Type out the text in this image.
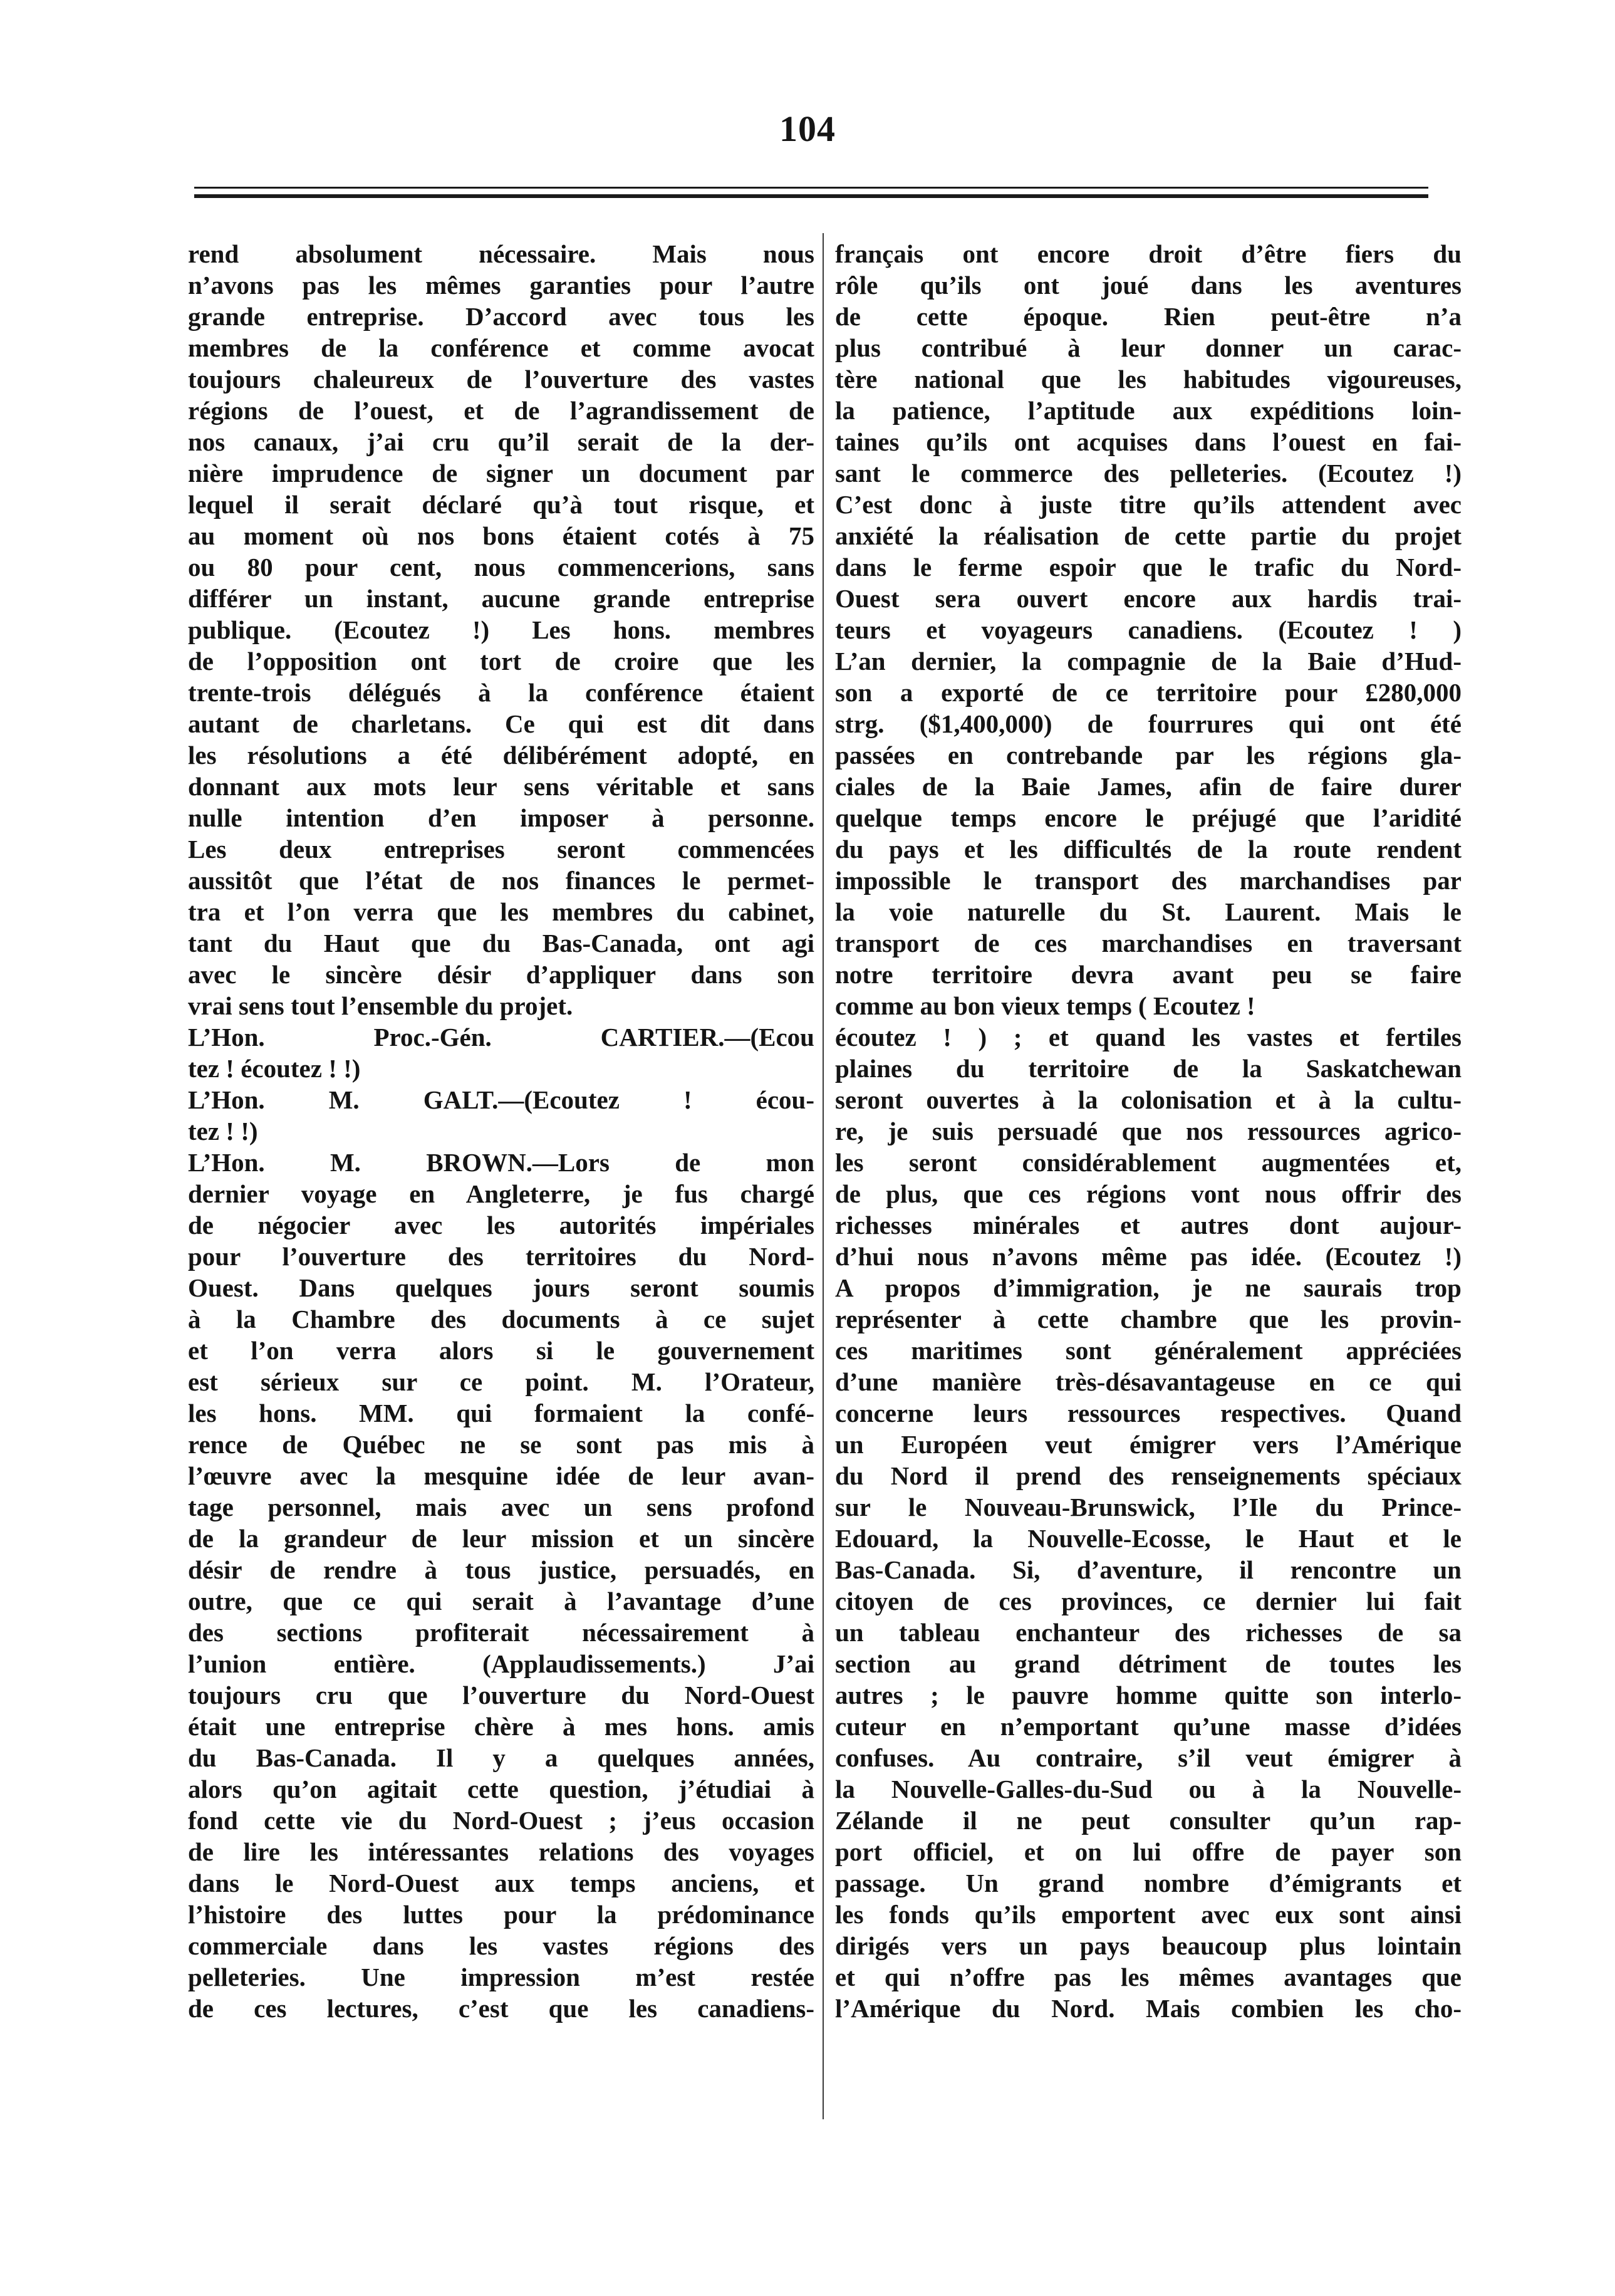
104
rend absolument nécessaire. Mais nous
n’avons pas les mêmes garanties pour l’autre
grande entreprise. D’accord avec tous les
membres de la conférence et comme avocat
toujours chaleureux de l’ouverture des vastes
régions de l’ouest, et de l’agrandissement de
nos canaux, j’ai cru qu’il serait de la der-
nière imprudence de signer un document par
lequel il serait déclaré qu’à tout risque, et
au moment où nos bons étaient cotés à 75
ou 80 pour cent, nous commencerions, sans
différer un instant, aucune grande entreprise
publique. (Ecoutez !) Les hons. membres
de l’opposition ont tort de croire que les
trente-trois délégués à la conférence étaient
autant de charletans. Ce qui est dit dans
les résolutions a été délibérément adopté, en
donnant aux mots leur sens véritable et sans
nulle intention d’en imposer à personne.
Les deux entreprises seront commencées
aussitôt que l’état de nos finances le permet-
tra et l’on verra que les membres du cabinet,
tant du Haut que du Bas-Canada, ont agi
avec le sincère désir d’appliquer dans son
vrai sens tout l’ensemble du projet.
L’Hon. Proc.-Gén. CARTIER.—(Ecou
tez ! écoutez ! !)
L’Hon. M. GALT.—(Ecoutez ! écou-
tez ! !)
L’Hon. M. BROWN.—Lors de mon
dernier voyage en Angleterre, je fus chargé
de négocier avec les autorités impériales
pour l’ouverture des territoires du Nord-
Ouest. Dans quelques jours seront soumis
à la Chambre des documents à ce sujet
et l’on verra alors si le gouvernement
est sérieux sur ce point. M. l’Orateur,
les hons. MM. qui formaient la confé-
rence de Québec ne se sont pas mis à
l’œuvre avec la mesquine idée de leur avan-
tage personnel, mais avec un sens profond
de la grandeur de leur mission et un sincère
désir de rendre à tous justice, persuadés, en
outre, que ce qui serait à l’avantage d’une
des sections profiterait nécessairement à
l’union entière. (Applaudissements.) J’ai
toujours cru que l’ouverture du Nord-Ouest
était une entreprise chère à mes hons. amis
du Bas-Canada. Il y a quelques années,
alors qu’on agitait cette question, j’étudiai à
fond cette vie du Nord-Ouest ; j’eus occasion
de lire les intéressantes relations des voyages
dans le Nord-Ouest aux temps anciens, et
l’histoire des luttes pour la prédominance
commerciale dans les vastes régions des
pelleteries. Une impression m’est restée
de ces lectures, c’est que les canadiens-
français ont encore droit d’être fiers du
rôle qu’ils ont joué dans les aventures
de cette époque. Rien peut-être n’a
plus contribué à leur donner un carac-
tère national que les habitudes vigoureuses,
la patience, l’aptitude aux expéditions loin-
taines qu’ils ont acquises dans l’ouest en fai-
sant le commerce des pelleteries. (Ecoutez !)
C’est donc à juste titre qu’ils attendent avec
anxiété la réalisation de cette partie du projet
dans le ferme espoir que le trafic du Nord-
Ouest sera ouvert encore aux hardis trai-
teurs et voyageurs canadiens. (Ecoutez ! )
L’an dernier, la compagnie de la Baie d’Hud-
son a exporté de ce territoire pour £280,000
strg. ($1,400,000) de fourrures qui ont été
passées en contrebande par les régions gla-
ciales de la Baie James, afin de faire durer
quelque temps encore le préjugé que l’aridité
du pays et les difficultés de la route rendent
impossible le transport des marchandises par
la voie naturelle du St. Laurent. Mais le
transport de ces marchandises en traversant
notre territoire devra avant peu se faire
comme au bon vieux temps ( Ecoutez !
écoutez ! ) ; et quand les vastes et fertiles
plaines du territoire de la Saskatchewan
seront ouvertes à la colonisation et à la cultu-
re, je suis persuadé que nos ressources agrico-
les seront considérablement augmentées et,
de plus, que ces régions vont nous offrir des
richesses minérales et autres dont aujour-
d’hui nous n’avons même pas idée. (Ecoutez !)
A propos d’immigration, je ne saurais trop
représenter à cette chambre que les provin-
ces maritimes sont généralement appréciées
d’une manière très-désavantageuse en ce qui
concerne leurs ressources respectives. Quand
un Européen veut émigrer vers l’Amérique
du Nord il prend des renseignements spéciaux
sur le Nouveau-Brunswick, l’Ile du Prince-
Edouard, la Nouvelle-Ecosse, le Haut et le
Bas-Canada. Si, d’aventure, il rencontre un
citoyen de ces provinces, ce dernier lui fait
un tableau enchanteur des richesses de sa
section au grand détriment de toutes les
autres ; le pauvre homme quitte son interlo-
cuteur en n’emportant qu’une masse d’idées
confuses. Au contraire, s’il veut émigrer à
la Nouvelle-Galles-du-Sud ou à la Nouvelle-
Zélande il ne peut consulter qu’un rap-
port officiel, et on lui offre de payer son
passage. Un grand nombre d’émigrants et
les fonds qu’ils emportent avec eux sont ainsi
dirigés vers un pays beaucoup plus lointain
et qui n’offre pas les mêmes avantages que
l’Amérique du Nord. Mais combien les cho-
